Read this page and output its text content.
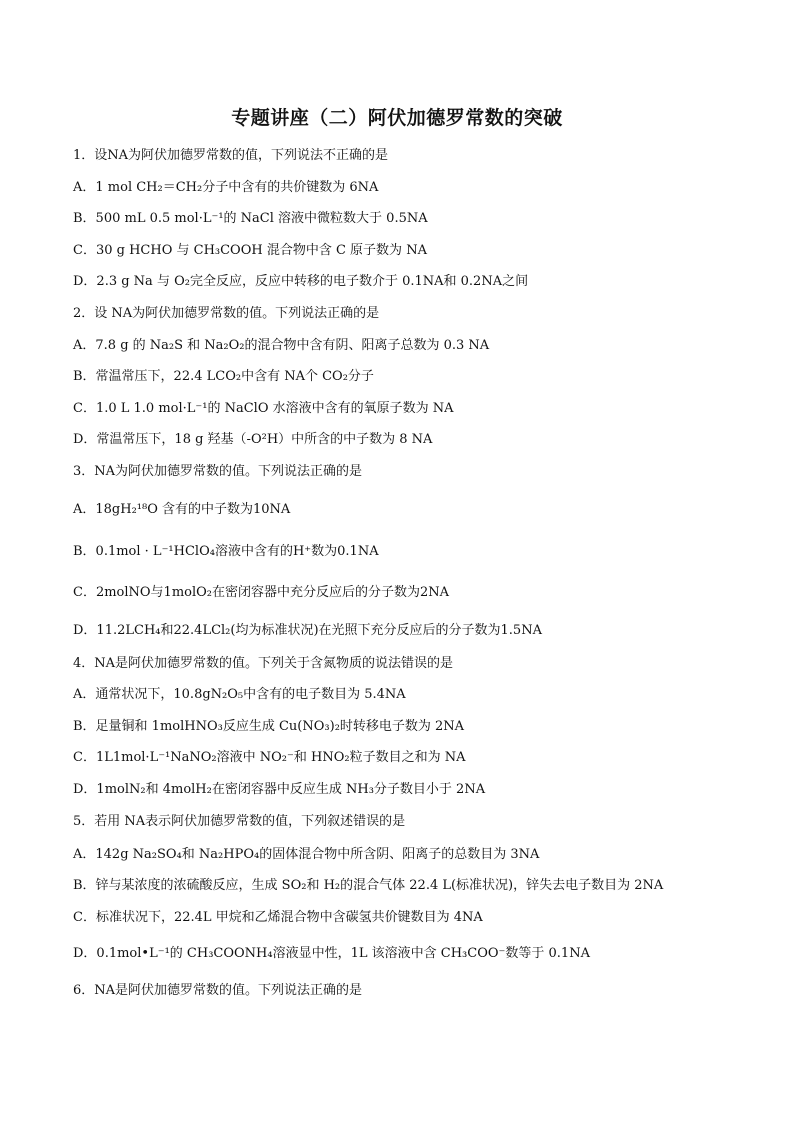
专题讲座（二）阿伏加德罗常数的突破
1．设NA为阿伏加德罗常数的值，下列说法不正确的是
A．1 mol CH₂＝CH₂分子中含有的共价键数为 6NA
B．500 mL 0.5 mol·L⁻¹的 NaCl 溶液中微粒数大于 0.5NA
C．30 g HCHO 与 CH₃COOH 混合物中含 C 原子数为 NA
D．2.3 g Na 与 O₂完全反应，反应中转移的电子数介于 0.1NA和 0.2NA之间
2．设 NA为阿伏加德罗常数的值。下列说法正确的是
A．7.8 g 的 Na₂S 和 Na₂O₂的混合物中含有阴、阳离子总数为 0.3 NA
B．常温常压下，22.4 LCO₂中含有 NA个 CO₂分子
C．1.0 L 1.0 mol·L⁻¹的 NaClO 水溶液中含有的氧原子数为 NA
D．常温常压下，18 g 羟基（-O²H）中所含的中子数为 8 NA
3．NA为阿伏加德罗常数的值。下列说法正确的是
A．18gH₂¹⁸O 含有的中子数为10NA
B．0.1mol · L⁻¹HClO₄溶液中含有的H⁺数为0.1NA
C．2molNO与1molO₂在密闭容器中充分反应后的分子数为2NA
D．11.2LCH₄和22.4LCl₂(均为标准状况)在光照下充分反应后的分子数为1.5NA
4．NA是阿伏加德罗常数的值。下列关于含氮物质的说法错误的是
A．通常状况下，10.8gN₂O₅中含有的电子数目为 5.4NA
B．足量铜和 1molHNO₃反应生成 Cu(NO₃)₂时转移电子数为 2NA
C．1L1mol·L⁻¹NaNO₂溶液中 NO₂⁻和 HNO₂粒子数目之和为 NA
D．1molN₂和 4molH₂在密闭容器中反应生成 NH₃分子数目小于 2NA
5．若用 NA表示阿伏加德罗常数的值，下列叙述错误的是
A．142g Na₂SO₄和 Na₂HPO₄的固体混合物中所含阴、阳离子的总数目为 3NA
B．锌与某浓度的浓硫酸反应，生成 SO₂和 H₂的混合气体 22.4 L(标准状况)，锌失去电子数目为 2NA
C．标准状况下，22.4L 甲烷和乙烯混合物中含碳氢共价键数目为 4NA
D．0.1mol•L⁻¹的 CH₃COONH₄溶液显中性，1L 该溶液中含 CH₃COO⁻数等于 0.1NA
6．NA是阿伏加德罗常数的值。下列说法正确的是
